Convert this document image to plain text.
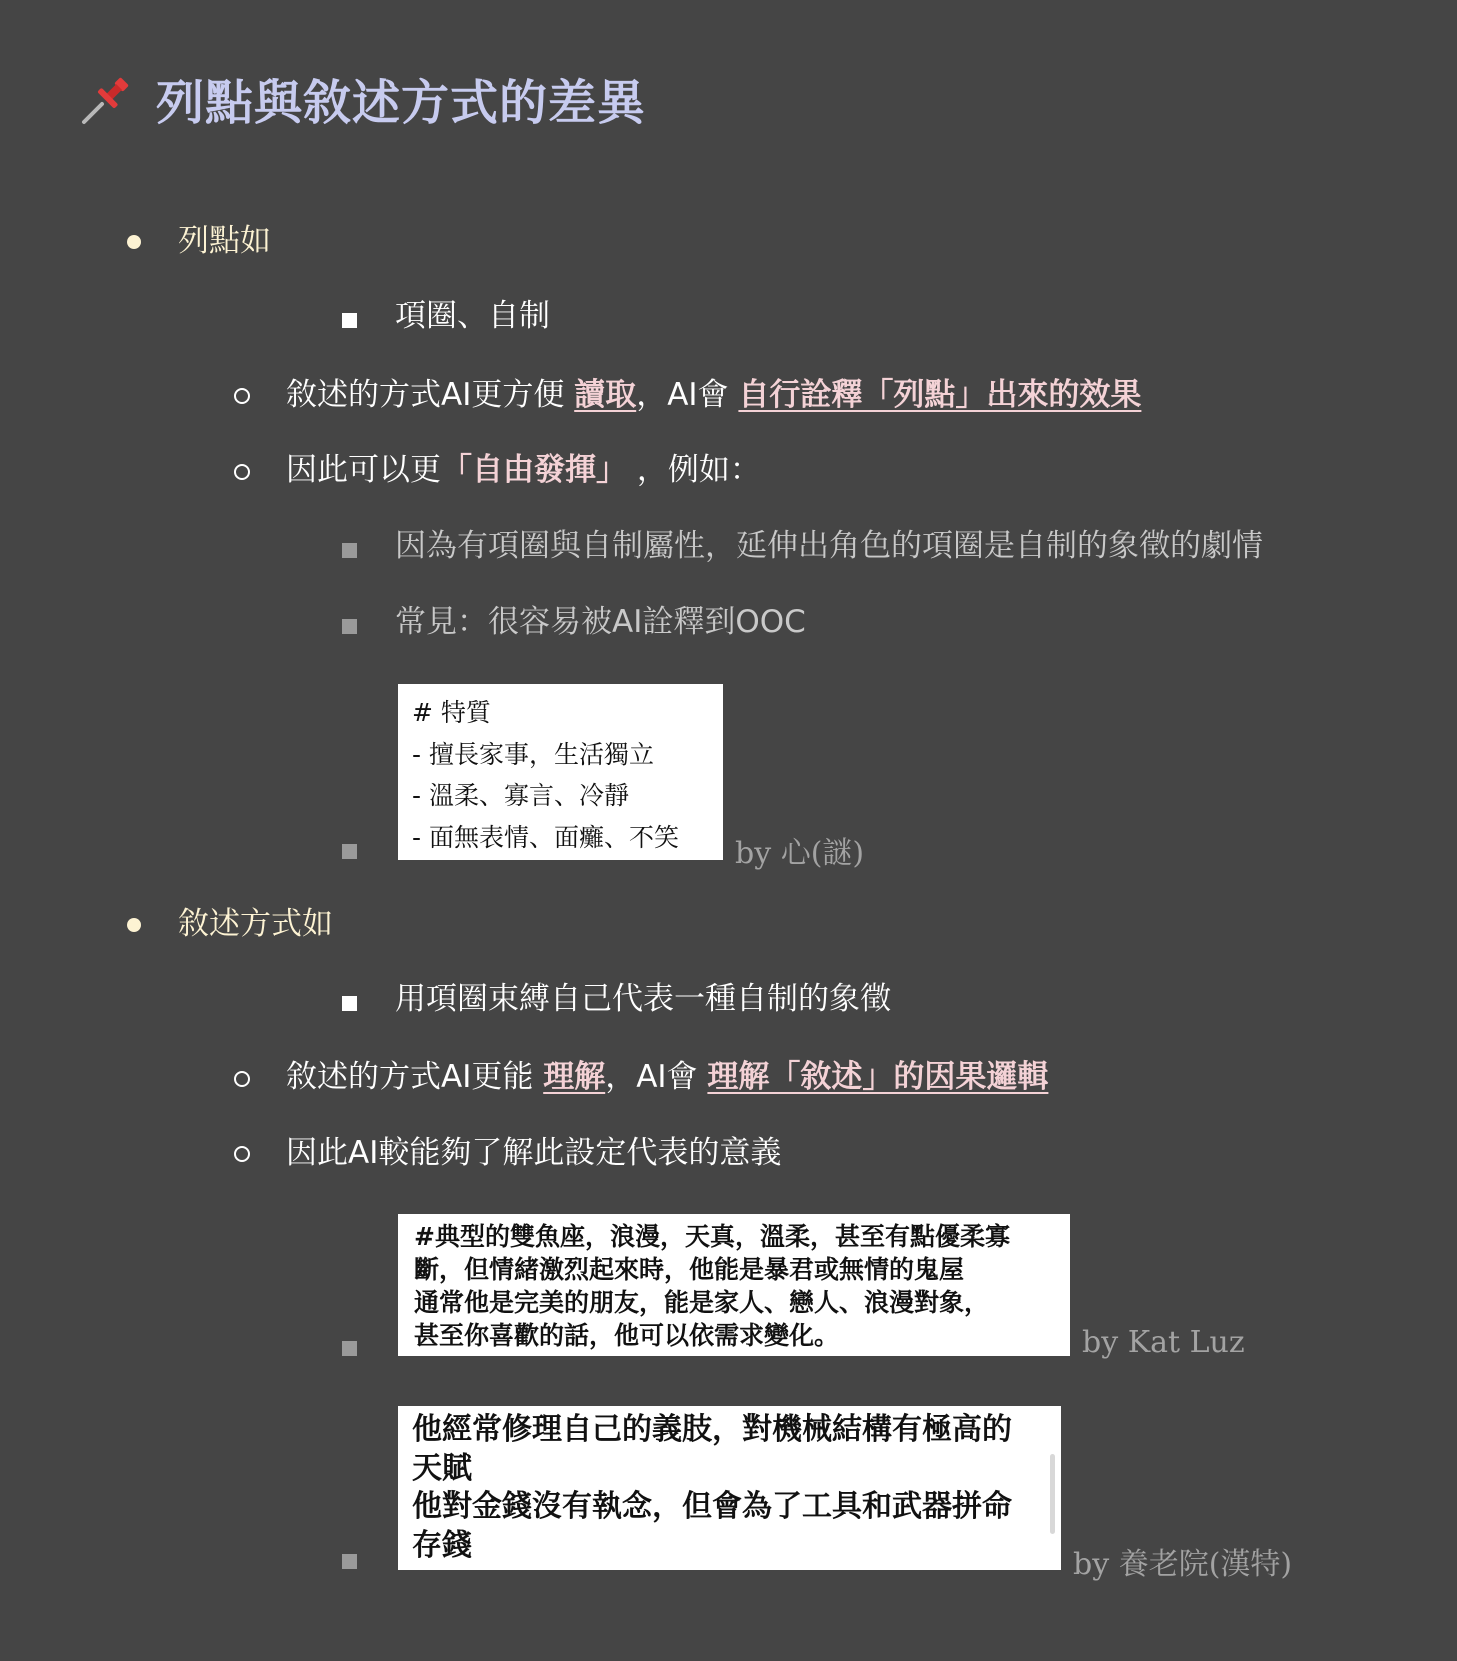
列點與敘述方式的差異
列點如
項圈、自制
敘述的方式AI更方便 讀取，AI會 自行詮釋「列點」出來的效果
因此可以更「自由發揮」 ，例如：
因為有項圈與自制屬性，延伸出角色的項圈是自制的象徵的劇情
常見：很容易被AI詮釋到OOC
# 特質
- 擅長家事，生活獨立
- 溫柔、寡言、冷靜
- 面無表情、面癱、不笑	by 心(謎)
敘述方式如
用項圈束縛自己代表一種自制的象徵
敘述的方式AI更能 理解，AI會 理解「敘述」的因果邏輯
因此AI較能夠了解此設定代表的意義
#典型的雙魚座，浪漫，天真，溫柔，甚至有點優柔寡
斷，但情緒激烈起來時，他能是暴君或無情的鬼屋
通常他是完美的朋友，能是家人、戀人、浪漫對象，
甚至你喜歡的話，他可以依需求變化。	by Kat Luz
他經常修理自己的義肢，對機械結構有極高的
天賦
他對金錢沒有執念，但會為了工具和武器拼命
存錢
by 養老院(漢特)
